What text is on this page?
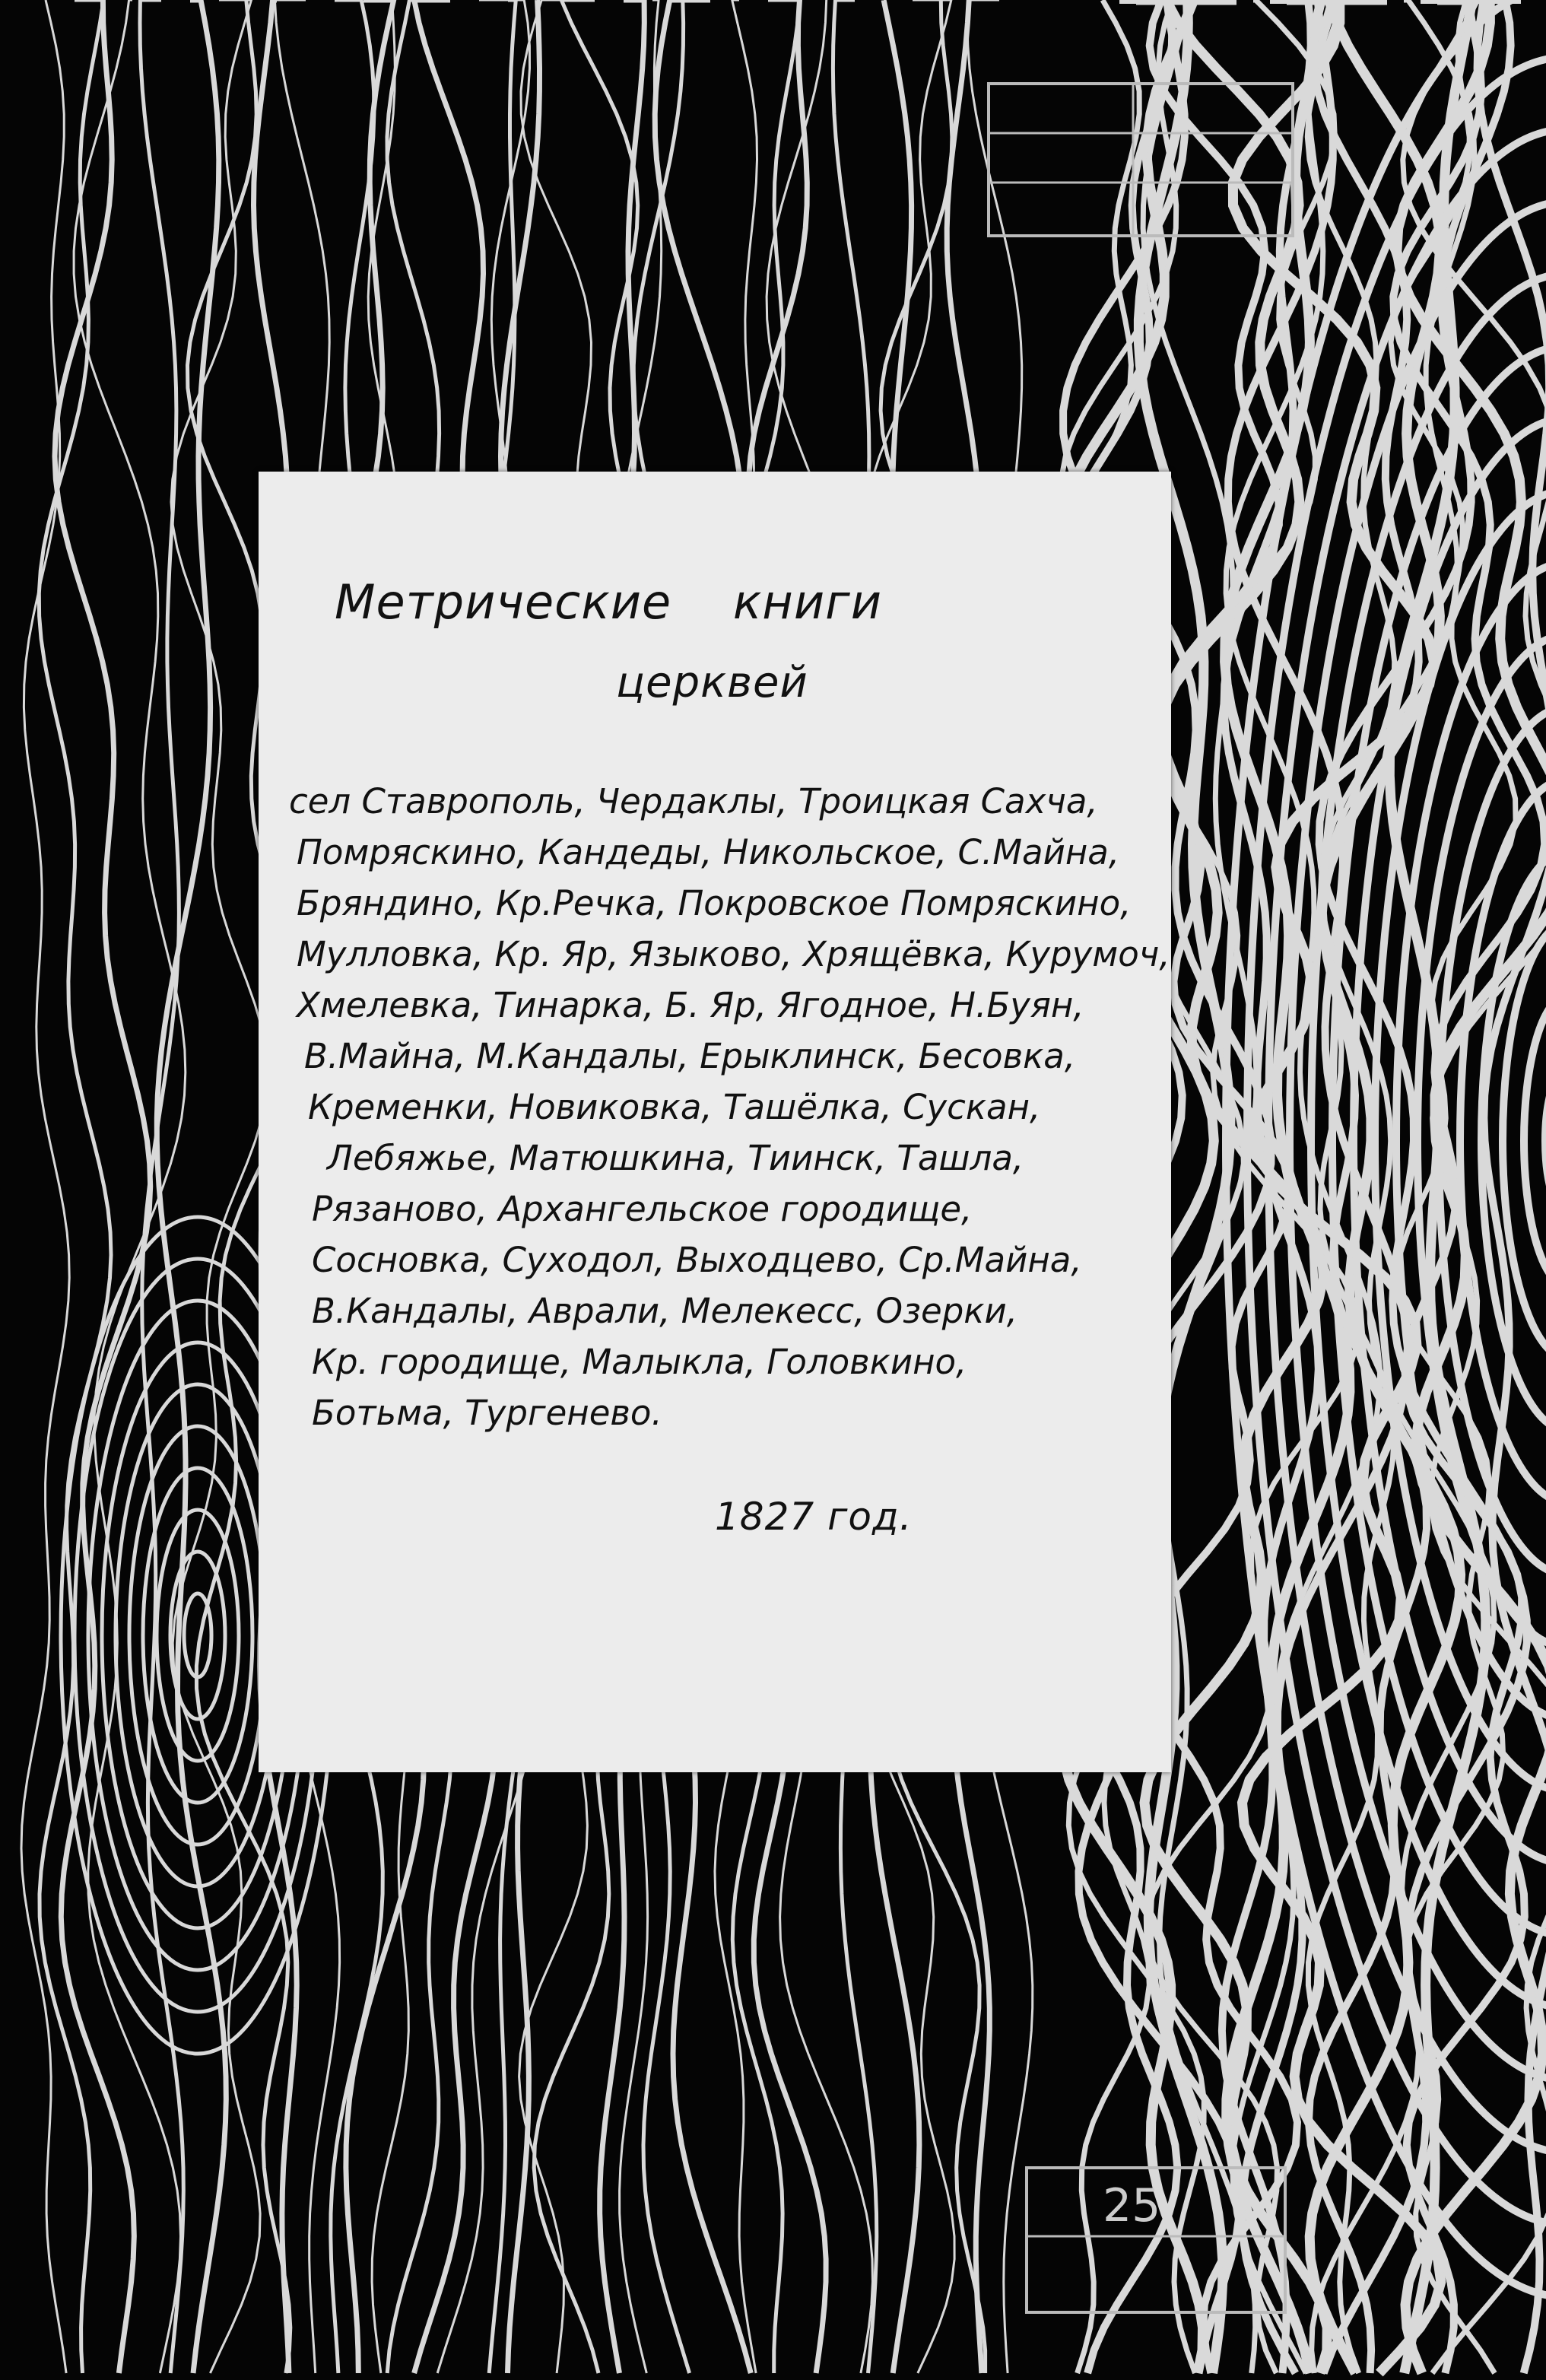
25
Метрические книги
церквей
сел Ставрополь, Чердаклы, Троицкая Сахча,
Помряскино, Кандеды, Никольское, С.Майна,
Бряндино, Кр.Речка, Покровское Помряскино,
Мулловка, Кр. Яр, Языково, Хрящёвка, Курумоч,
Хмелевка, Тинарка, Б. Яр, Ягодное, Н.Буян,
В.Майна, М.Кандалы, Ерыклинск, Бесовка,
Кременки, Новиковка, Ташёлка, Сускан,
Лебяжье, Матюшкина, Тиинск, Ташла,
Рязаново, Архангельское городище,
Сосновка, Суходол, Выходцево, Ср.Майна,
В.Кандалы, Аврали, Мелекесс, Озерки,
Кр. городище, Малыкла, Головкино,
Ботьма, Тургенево.
1827 год.
